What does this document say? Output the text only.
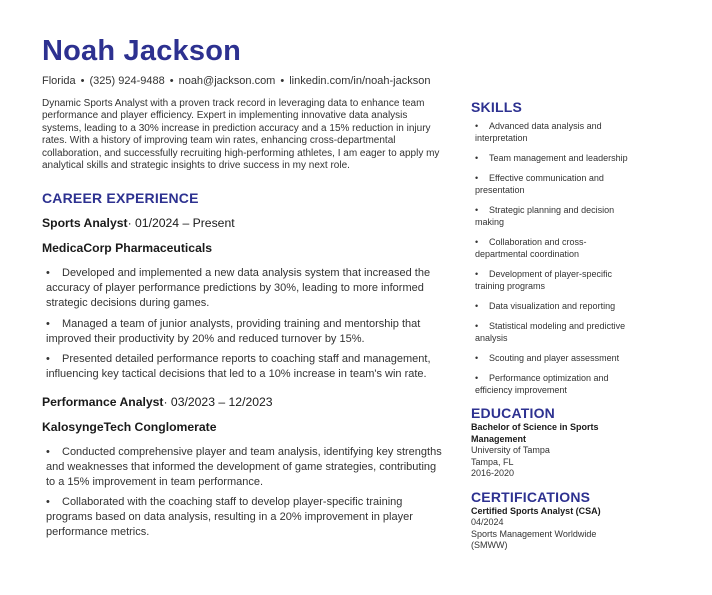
Noah Jackson
Florida • (325) 924-9488 • noah@jackson.com • linkedin.com/in/noah-jackson
Dynamic Sports Analyst with a proven track record in leveraging data to enhance team performance and player efficiency. Expert in implementing innovative data analysis systems, leading to a 30% increase in prediction accuracy and a 15% reduction in injury rates. With a history of improving team win rates, enhancing cross-departmental collaboration, and successfully recruiting high-performing athletes, I am eager to apply my analytical skills and strategic insights to drive success in my next role.
CAREER EXPERIENCE
Sports Analyst· 01/2024 – Present
MedicaCorp Pharmaceuticals
•	Developed and implemented a new data analysis system that increased the accuracy of player performance predictions by 30%, leading to more informed strategic decisions during games.
•	Managed a team of junior analysts, providing training and mentorship that improved their productivity by 20% and reduced turnover by 15%.
•	Presented detailed performance reports to coaching staff and management, influencing key tactical decisions that led to a 10% increase in team's win rate.
Performance Analyst· 03/2023 – 12/2023
KalosyngeTech Conglomerate
•	Conducted comprehensive player and team analysis, identifying key strengths and weaknesses that informed the development of game strategies, contributing to a 15% improvement in team performance.
•	Collaborated with the coaching staff to develop player-specific training programs based on data analysis, resulting in a 20% improvement in player performance metrics.
SKILLS
•	Advanced data analysis and interpretation
•	Team management and leadership
•	Effective communication and presentation
•	Strategic planning and decision making
•	Collaboration and cross-departmental coordination
•	Development of player-specific training programs
•	Data visualization and reporting
•	Statistical modeling and predictive analysis
•	Scouting and player assessment
•	Performance optimization and efficiency improvement
EDUCATION
Bachelor of Science in Sports Management
University of Tampa
Tampa, FL
2016-2020
CERTIFICATIONS
Certified Sports Analyst (CSA)
04/2024
Sports Management Worldwide (SMWW)
